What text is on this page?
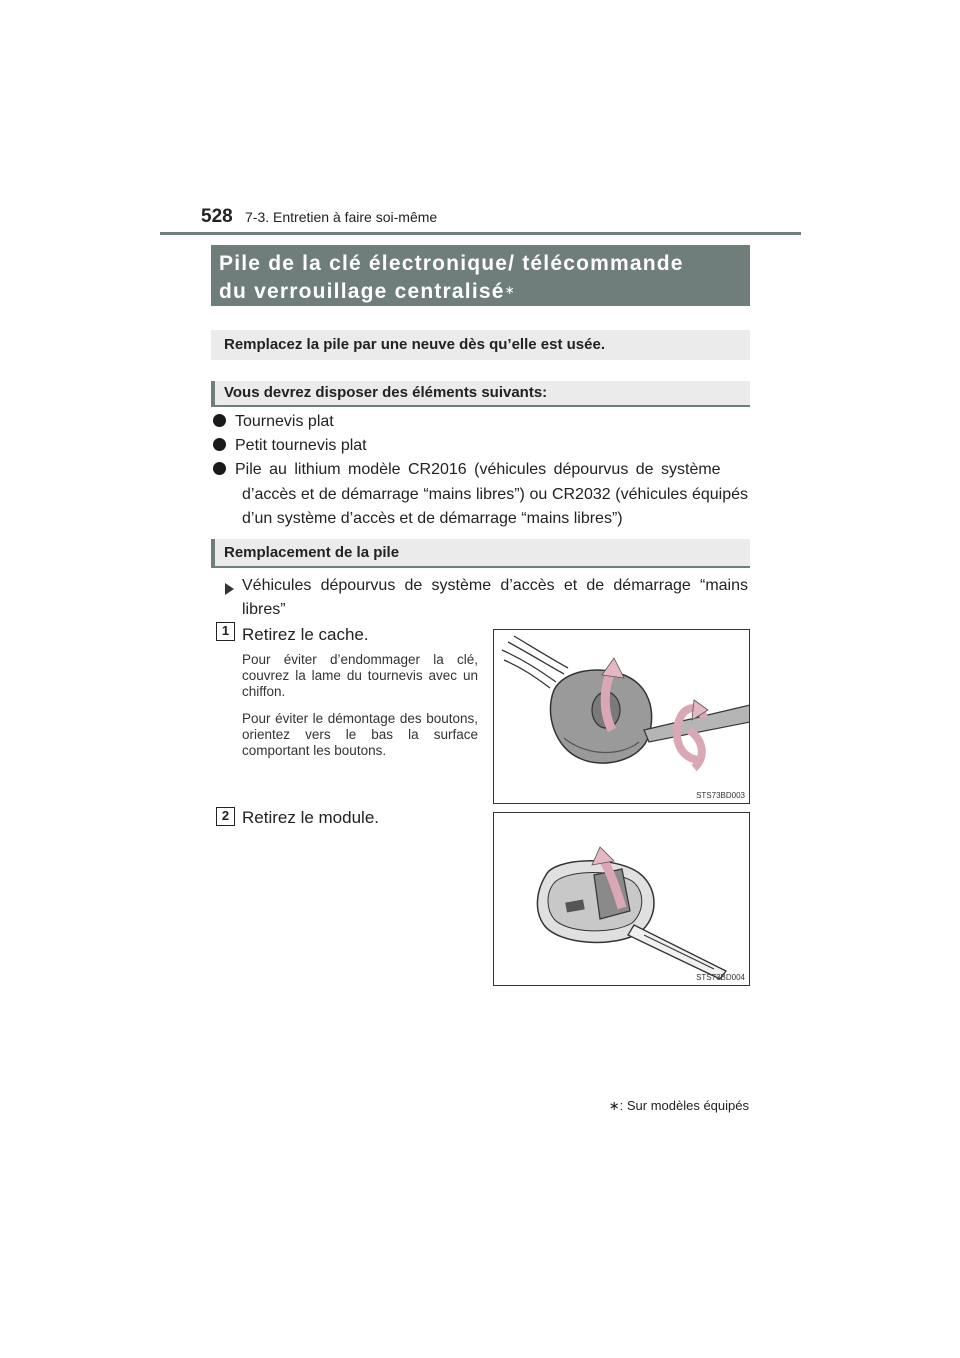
528 7-3. Entretien à faire soi-même
Pile de la clé électronique/ télécommande
du verrouillage centralisé∗
Remplacez la pile par une neuve dès qu’elle est usée.
Vous devrez disposer des éléments suivants:
Tournevis plat
Petit tournevis plat
Pile au lithium modèle CR2016 (véhicules dépourvus de système
d’accès et de démarrage “mains libres”) ou CR2032 (véhicules équipés d’un système d’accès et de démarrage “mains libres”)
Remplacement de la pile
Véhicules dépourvus de système d’accès et de démarrage “mains libres”
1 Retirez le cache.
Pour éviter d’endommager la clé, couvrez la lame du tournevis avec un chiffon.
Pour éviter le démontage des boutons, orientez vers le bas la surface comportant les boutons.
STS73BD003
2 Retirez le module.
STS73BD004
∗: Sur modèles équipés
